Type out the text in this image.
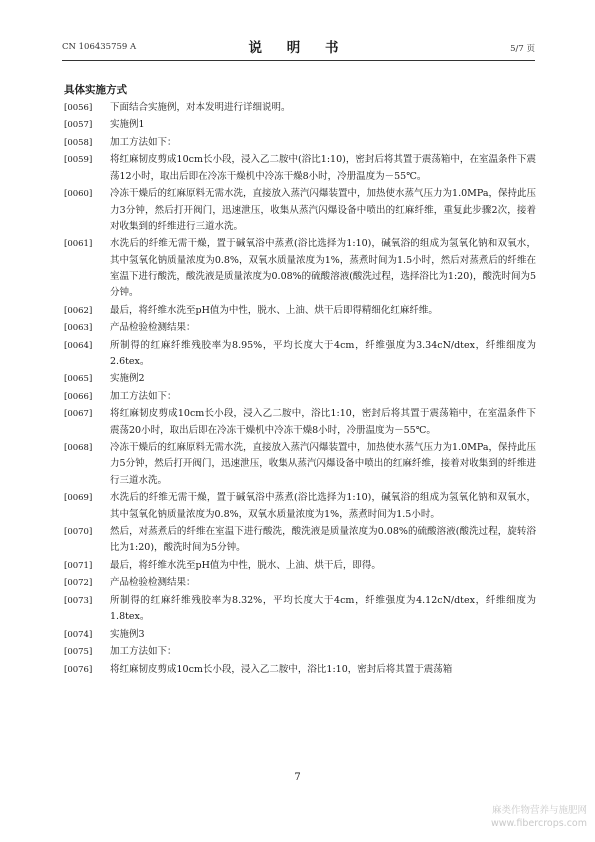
CN 106435759 A	说 明 书	5/7 页
具体实施方式
[0056]	下面结合实施例，对本发明进行详细说明。
[0057]	实施例1
[0058]	加工方法如下：
[0059]	将红麻韧皮剪成10cm长小段，浸入乙二胺中(浴比1:10)，密封后将其置于震荡箱中，在室温条件下震荡12小时，取出后即在冷冻干燥机中冷冻干燥8小时，冷册温度为－55℃。
[0060]	冷冻干燥后的红麻原料无需水洗，直接放入蒸汽闪爆装置中，加热使水蒸气压力为1.0MPa，保持此压力3分钟，然后打开阀门，迅速泄压，收集从蒸汽闪爆设备中喷出的红麻纤维，重复此步骤2次，接着对收集到的纤维进行三道水洗。
[0061]	水洗后的纤维无需干燥，置于碱氧浴中蒸煮(浴比选择为1:10)，碱氧浴的组成为氢氧化钠和双氧水，其中氢氧化钠质量浓度为0.8%，双氧水质量浓度为1%，蒸煮时间为1.5小时，然后对蒸煮后的纤维在室温下进行酸洗，酸洗液是质量浓度为0.08%的硫酸溶液(酸洗过程，选择浴比为1:20)，酸洗时间为5分钟。
[0062]	最后，将纤维水洗至pH值为中性，脱水、上油、烘干后即得精细化红麻纤维。
[0063]	产品检验检测结果：
[0064]	所制得的红麻纤维残胶率为8.95%，平均长度大于4cm，纤维强度为3.34cN/dtex，纤维细度为2.6tex。
[0065]	实施例2
[0066]	加工方法如下：
[0067]	将红麻韧皮剪成10cm长小段，浸入乙二胺中，浴比1:10，密封后将其置于震荡箱中，在室温条件下震荡20小时，取出后即在冷冻干燥机中冷冻干燥8小时，冷册温度为－55℃。
[0068]	冷冻干燥后的红麻原料无需水洗，直接放入蒸汽闪爆装置中，加热使水蒸气压力为1.0MPa，保持此压力5分钟，然后打开阀门，迅速泄压，收集从蒸汽闪爆设备中喷出的红麻纤维，接着对收集到的纤维进行三道水洗。
[0069]	水洗后的纤维无需干燥，置于碱氧浴中蒸煮(浴比选择为1:10)，碱氧浴的组成为氢氧化钠和双氧水，其中氢氧化钠质量浓度为0.8%，双氧水质量浓度为1%，蒸煮时间为1.5小时。
[0070]	然后，对蒸煮后的纤维在室温下进行酸洗，酸洗液是质量浓度为0.08%的硫酸溶液(酸洗过程，旋转浴比为1:20)，酸洗时间为5分钟。
[0071]	最后，将纤维水洗至pH值为中性，脱水、上油、烘干后，即得。
[0072]	产品检验检测结果：
[0073]	所制得的红麻纤维残胶率为8.32%，平均长度大于4cm，纤维强度为4.12cN/dtex，纤维细度为1.8tex。
[0074]	实施例3
[0075]	加工方法如下：
[0076]	将红麻韧皮剪成10cm长小段，浸入乙二胺中，浴比1:10，密封后将其置于震荡箱
7
麻类作物营养与施肥网
www.fibercrops.com
